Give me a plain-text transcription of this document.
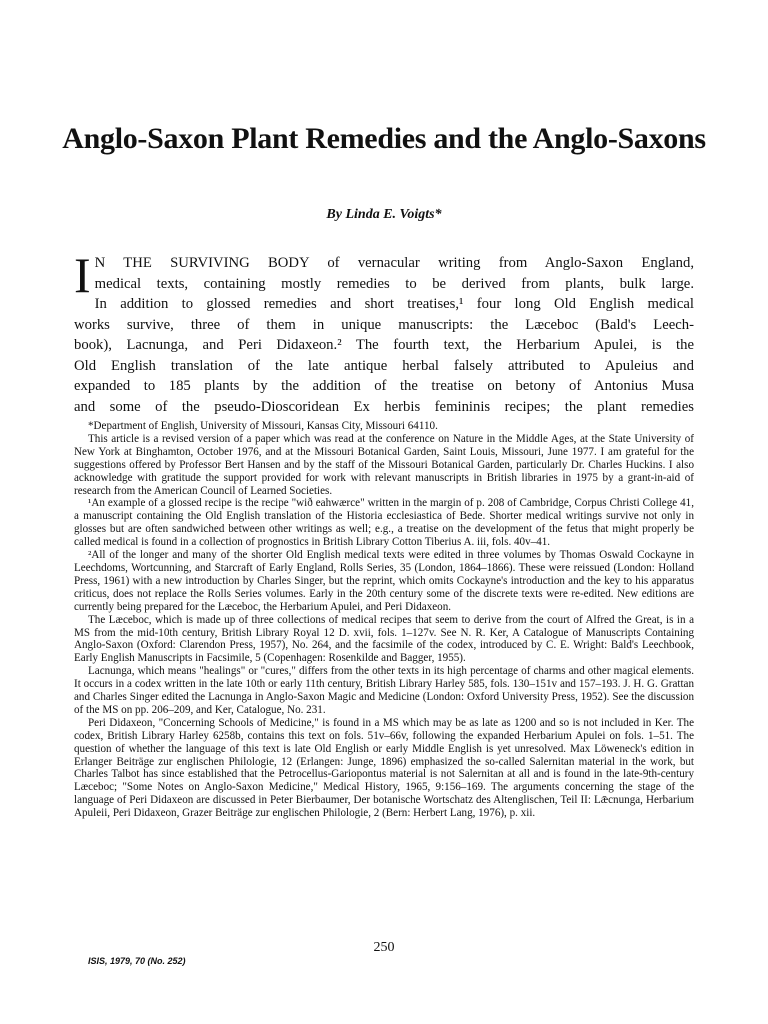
Anglo-Saxon Plant Remedies and the Anglo-Saxons
By Linda E. Voigts*
I N THE SURVIVING BODY of vernacular writing from Anglo-Saxon England,
medical texts, containing mostly remedies to be derived from plants, bulk large.
In addition to glossed remedies and short treatises,¹ four long Old English medical
works survive, three of them in unique manuscripts: the Læceboc (Bald's Leech-
book), Lacnunga, and Peri Didaxeon.² The fourth text, the Herbarium Apulei, is the
Old English translation of the late antique herbal falsely attributed to Apuleius and
expanded to 185 plants by the addition of the treatise on betony of Antonius Musa
and some of the pseudo-Dioscoridean Ex herbis femininis recipes; the plant remedies

*Department of English, University of Missouri, Kansas City, Missouri 64110.

This article is a revised version of a paper which was read at the conference on Nature in the Middle Ages, at the State University of New York at Binghamton, October 1976, and at the Missouri Botanical Garden, Saint Louis, Missouri, June 1977. I am grateful for the suggestions offered by Professor Bert Hansen and by the staff of the Missouri Botanical Garden, particularly Dr. Charles Huckins. I also acknowledge with gratitude the support provided for work with relevant manuscripts in British libraries in 1975 by a grant-in-aid of research from the American Council of Learned Societies.

¹An example of a glossed recipe is the recipe "wið eahwærce" written in the margin of p. 208 of Cambridge, Corpus Christi College 41, a manuscript containing the Old English translation of the Historia ecclesiastica of Bede. Shorter medical writings survive not only in glosses but are often sandwiched between other writings as well; e.g., a treatise on the development of the fetus that might properly be called medical is found in a collection of prognostics in British Library Cotton Tiberius A. iii, fols. 40v–41.

²All of the longer and many of the shorter Old English medical texts were edited in three volumes by Thomas Oswald Cockayne in Leechdoms, Wortcunning, and Starcraft of Early England, Rolls Series, 35 (London, 1864–1866). These were reissued (London: Holland Press, 1961) with a new introduction by Charles Singer, but the reprint, which omits Cockayne's introduction and the key to his apparatus criticus, does not replace the Rolls Series volumes. Early in the 20th century some of the discrete texts were re-edited. New editions are currently being prepared for the Læceboc, the Herbarium Apulei, and Peri Didaxeon.

The Læceboc, which is made up of three collections of medical recipes that seem to derive from the court of Alfred the Great, is in a MS from the mid-10th century, British Library Royal 12 D. xvii, fols. 1–127v. See N. R. Ker, A Catalogue of Manuscripts Containing Anglo-Saxon (Oxford: Clarendon Press, 1957), No. 264, and the facsimile of the codex, introduced by C. E. Wright: Bald's Leechbook, Early English Manuscripts in Facsimile, 5 (Copenhagen: Rosenkilde and Bagger, 1955).

Lacnunga, which means "healings" or "cures," differs from the other texts in its high percentage of charms and other magical elements. It occurs in a codex written in the late 10th or early 11th century, British Library Harley 585, fols. 130–151v and 157–193. J. H. G. Grattan and Charles Singer edited the Lacnunga in Anglo-Saxon Magic and Medicine (London: Oxford University Press, 1952). See the discussion of the MS on pp. 206–209, and Ker, Catalogue, No. 231.

Peri Didaxeon, "Concerning Schools of Medicine," is found in a MS which may be as late as 1200 and so is not included in Ker. The codex, British Library Harley 6258b, contains this text on fols. 51v–66v, following the expanded Herbarium Apulei on fols. 1–51. The question of whether the language of this text is late Old English or early Middle English is yet unresolved. Max Löweneck's edition in Erlanger Beiträge zur englischen Philologie, 12 (Erlangen: Junge, 1896) emphasized the so-called Salernitan material in the work, but Charles Talbot has since established that the Petrocellus-Gariopontus material is not Salernitan at all and is found in the late-9th-century Læceboc; "Some Notes on Anglo-Saxon Medicine," Medical History, 1965, 9:156–169. The arguments concerning the stage of the language of Peri Didaxeon are discussed in Peter Bierbaumer, Der botanische Wortschatz des Altenglischen, Teil II: Lǣcnunga, Herbarium Apuleii, Peri Didaxeon, Grazer Beiträge zur englischen Philologie, 2 (Bern: Herbert Lang, 1976), p. xii.

250
ISIS, 1979, 70 (No. 252)
